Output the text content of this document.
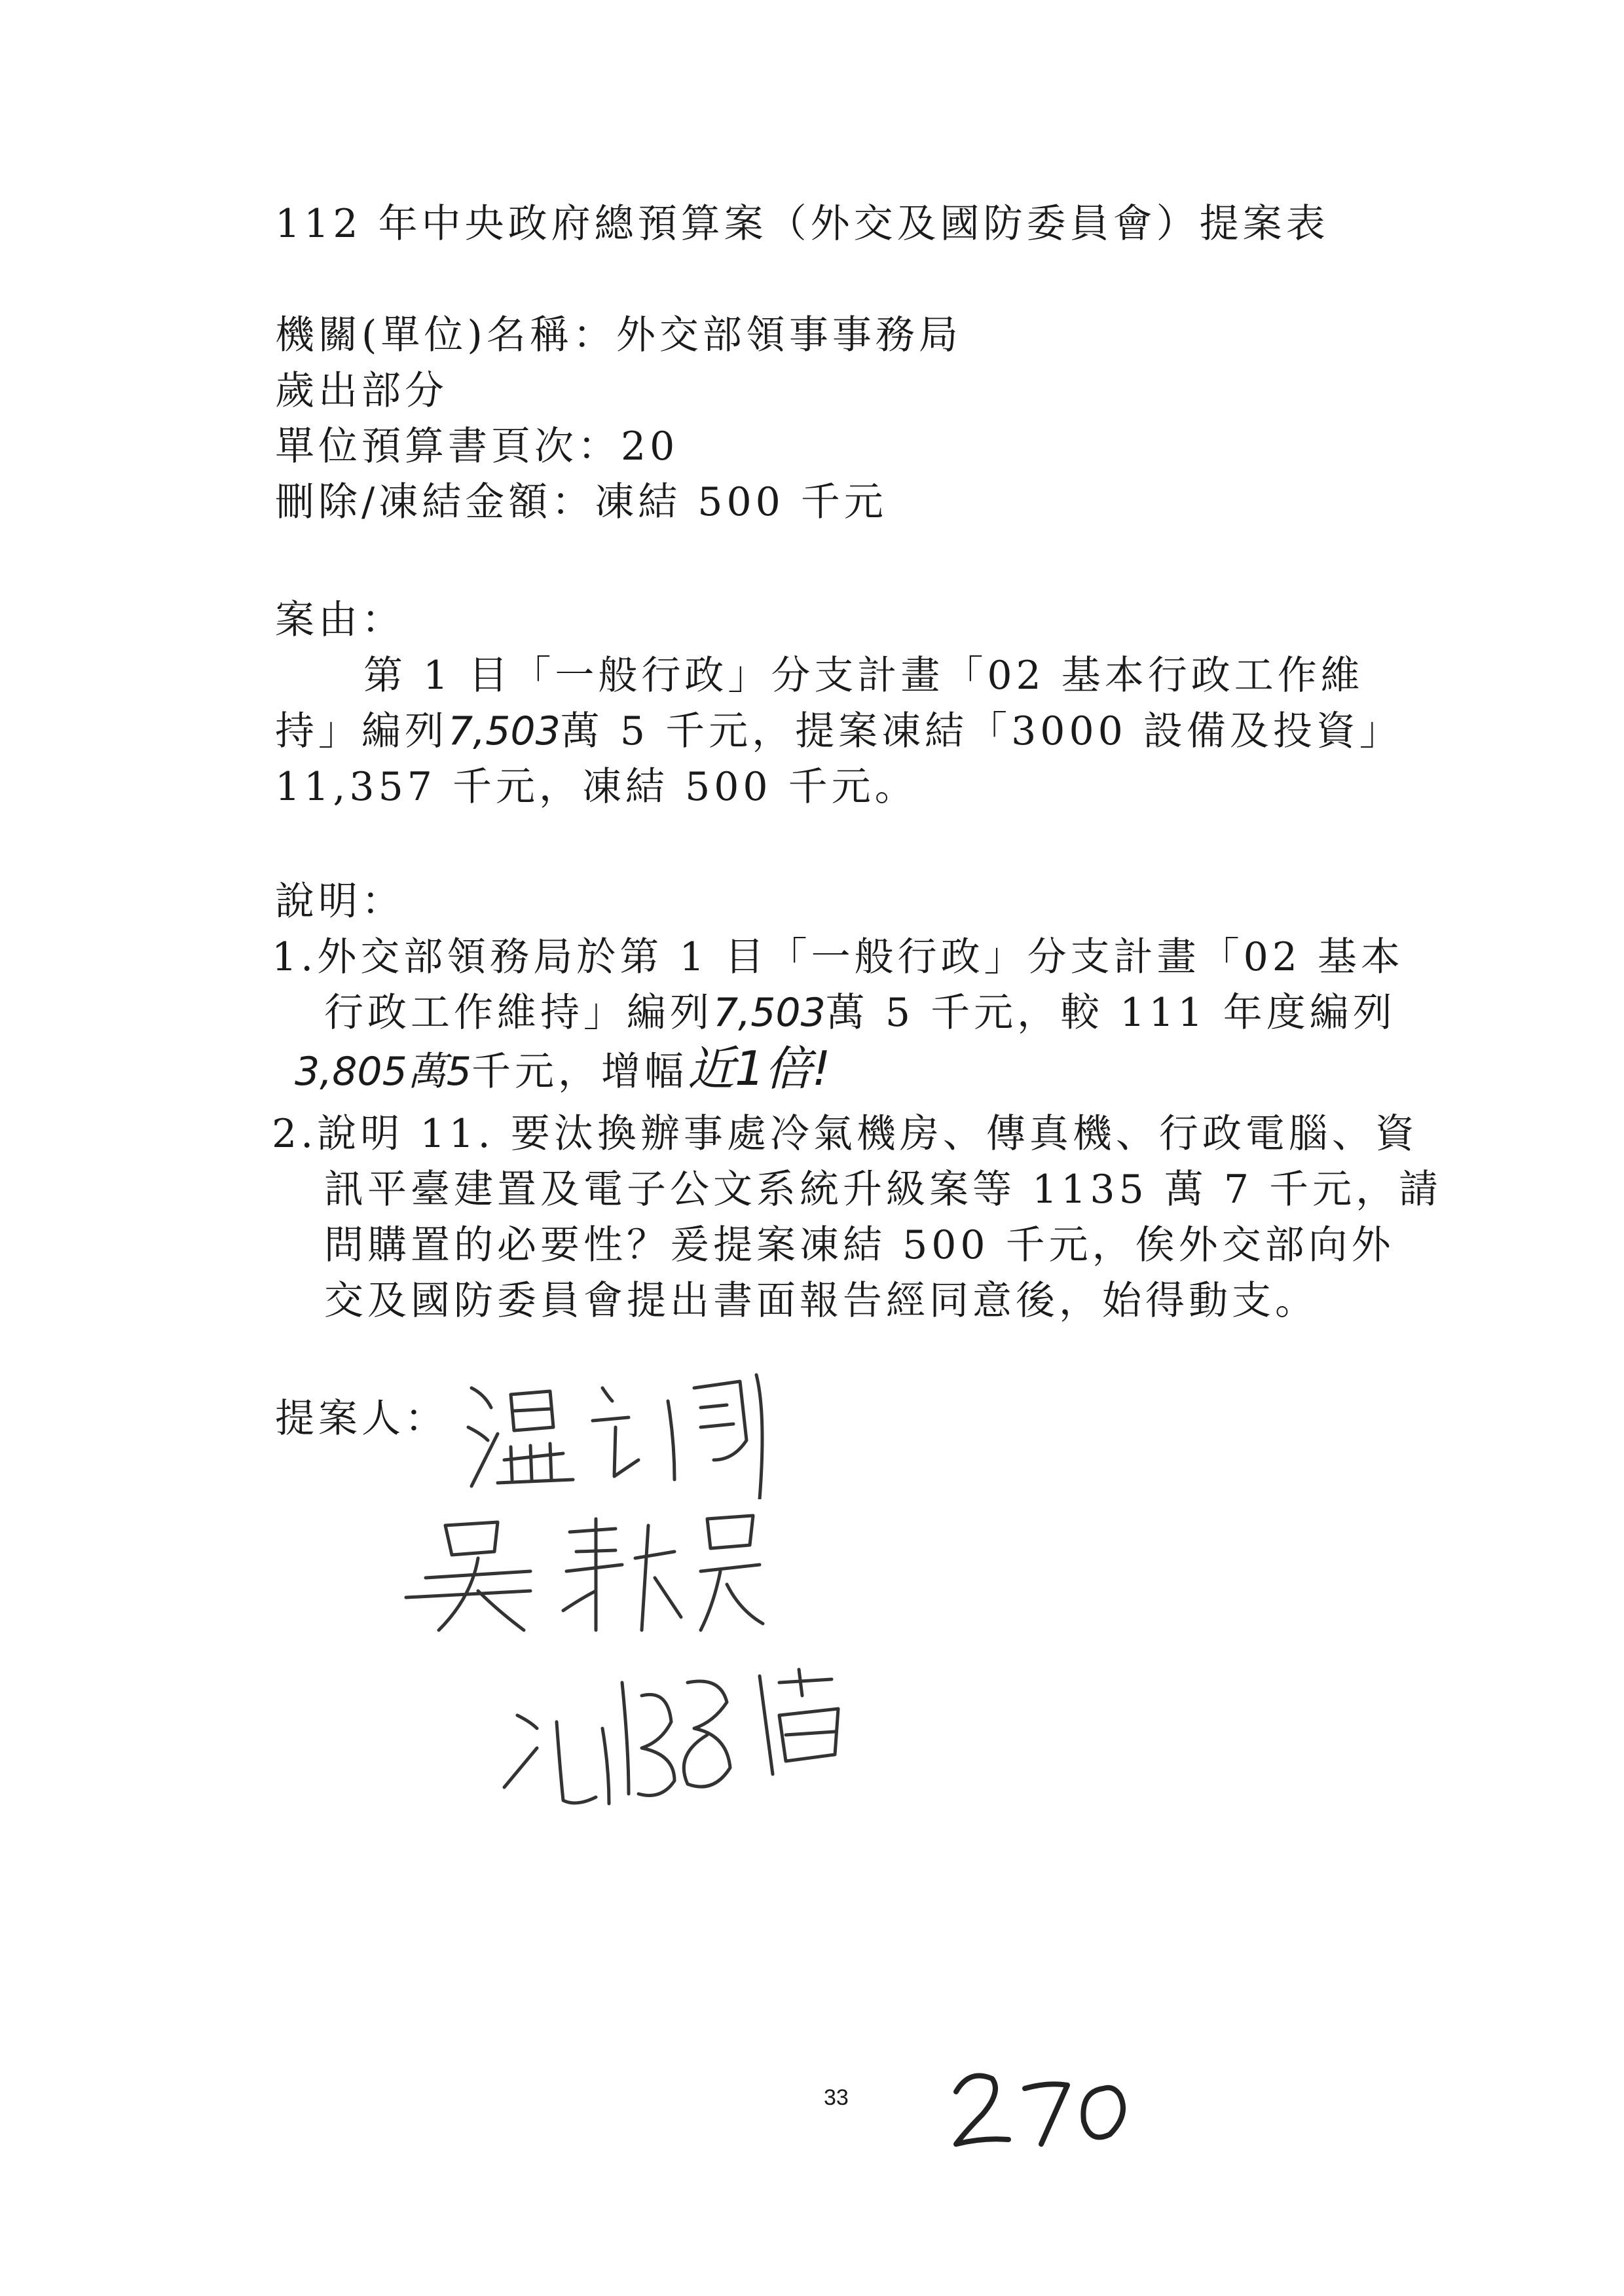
112 年中央政府總預算案（外交及國防委員會）提案表
機關(單位)名稱：外交部領事事務局
歲出部分
單位預算書頁次：20
刪除/凍結金額：凍結 500 千元
案由：
第 1 目「一般行政」分支計畫「02 基本行政工作維
持」編列7,503萬 5 千元，提案凍結「3000 設備及投資」
11,357 千元，凍結 500 千元。
說明：
1.外交部領務局於第 1 目「一般行政」分支計畫「02 基本
行政工作維持」編列7,503萬 5 千元，較 111 年度編列
3,805萬5千元，增幅近1倍!
2.說明 11. 要汰換辦事處冷氣機房、傳真機、行政電腦、資
訊平臺建置及電子公文系統升級案等 1135 萬 7 千元，請
問購置的必要性？爰提案凍結 500 千元，俟外交部向外
交及國防委員會提出書面報告經同意後，始得動支。
提案人：
33
